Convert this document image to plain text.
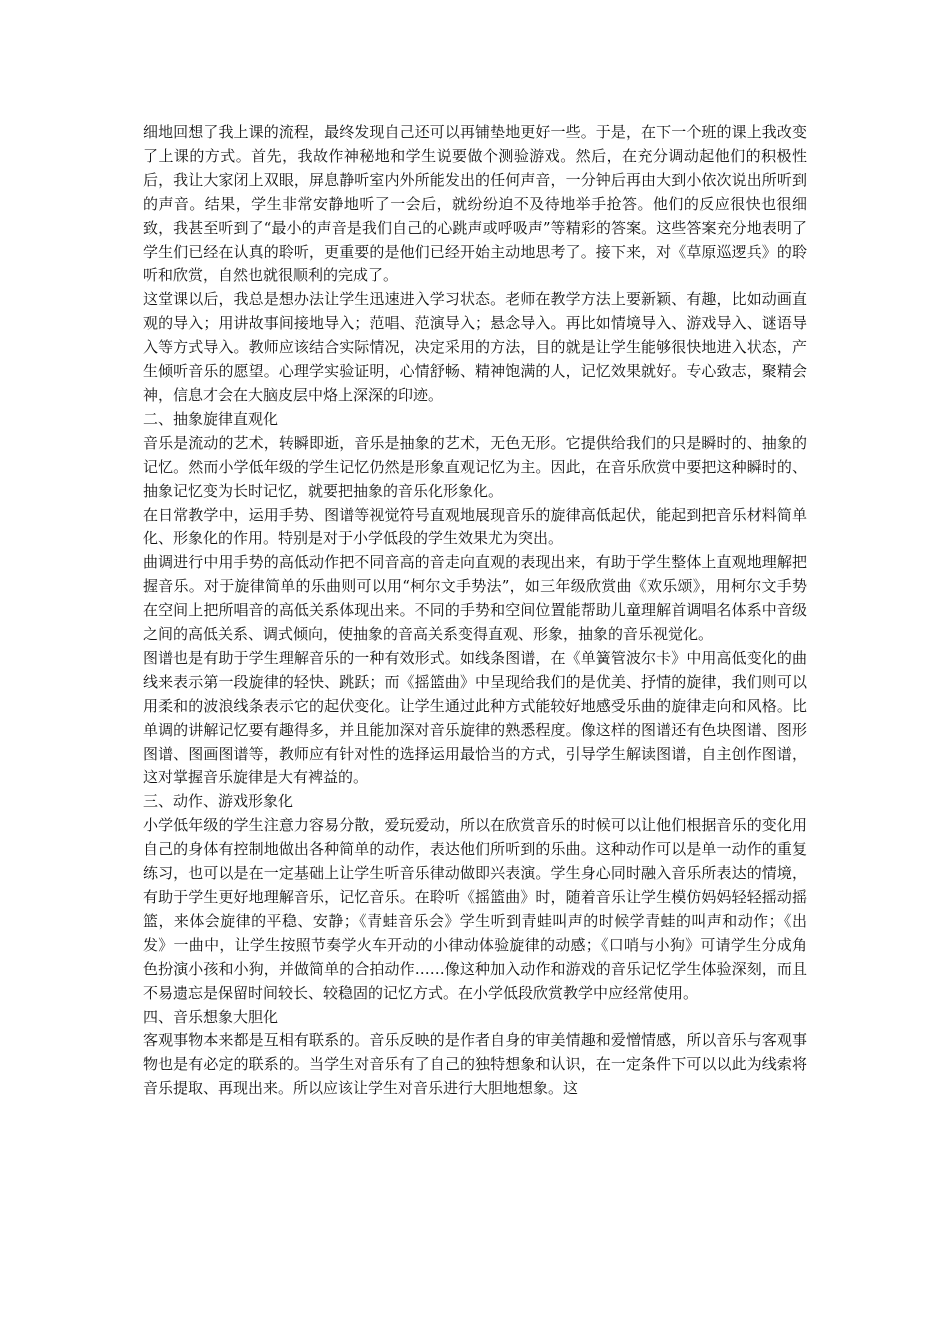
细地回想了我上课的流程，最终发现自己还可以再铺垫地更好一些。于是，在下一个班的课上我改变了上课的方式。首先，我故作神秘地和学生说要做个测验游戏。然后，在充分调动起他们的积极性后，我让大家闭上双眼，屏息静听室内外所能发出的任何声音，一分钟后再由大到小依次说出所听到的声音。结果，学生非常安静地听了一会后，就纷纷迫不及待地举手抢答。他们的反应很快也很细致，我甚至听到了“最小的声音是我们自己的心跳声或呼吸声”等精彩的答案。这些答案充分地表明了学生们已经在认真的聆听，更重要的是他们已经开始主动地思考了。接下来，对《草原巡逻兵》的聆听和欣赏，自然也就很顺利的完成了。

这堂课以后，我总是想办法让学生迅速进入学习状态。老师在教学方法上要新颖、有趣，比如动画直观的导入；用讲故事间接地导入；范唱、范演导入；悬念导入。再比如情境导入、游戏导入、谜语导入等方式导入。教师应该结合实际情况，决定采用的方法，目的就是让学生能够很快地进入状态，产生倾听音乐的愿望。心理学实验证明，心情舒畅、精神饱满的人，记忆效果就好。专心致志，聚精会神，信息才会在大脑皮层中烙上深深的印迹。

二、抽象旋律直观化

音乐是流动的艺术，转瞬即逝，音乐是抽象的艺术，无色无形。它提供给我们的只是瞬时的、抽象的记忆。然而小学低年级的学生记忆仍然是形象直观记忆为主。因此，在音乐欣赏中要把这种瞬时的、抽象记忆变为长时记忆，就要把抽象的音乐化形象化。

在日常教学中，运用手势、图谱等视觉符号直观地展现音乐的旋律高低起伏，能起到把音乐材料简单化、形象化的作用。特别是对于小学低段的学生效果尤为突出。

曲调进行中用手势的高低动作把不同音高的音走向直观的表现出来，有助于学生整体上直观地理解把握音乐。对于旋律简单的乐曲则可以用“柯尔文手势法”，如三年级欣赏曲《欢乐颂》，用柯尔文手势在空间上把所唱音的高低关系体现出来。不同的手势和空间位置能帮助儿童理解首调唱名体系中音级之间的高低关系、调式倾向，使抽象的音高关系变得直观、形象，抽象的音乐视觉化。

图谱也是有助于学生理解音乐的一种有效形式。如线条图谱，在《单簧管波尔卡》中用高低变化的曲线来表示第一段旋律的轻快、跳跃；而《摇篮曲》中呈现给我们的是优美、抒情的旋律，我们则可以用柔和的波浪线条表示它的起伏变化。让学生通过此种方式能较好地感受乐曲的旋律走向和风格。比单调的讲解记忆要有趣得多，并且能加深对音乐旋律的熟悉程度。像这样的图谱还有色块图谱、图形图谱、图画图谱等，教师应有针对性的选择运用最恰当的方式，引导学生解读图谱，自主创作图谱，这对掌握音乐旋律是大有裨益的。

三、动作、游戏形象化

小学低年级的学生注意力容易分散，爱玩爱动，所以在欣赏音乐的时候可以让他们根据音乐的变化用自己的身体有控制地做出各种简单的动作，表达他们所听到的乐曲。这种动作可以是单一动作的重复练习，也可以是在一定基础上让学生听音乐律动做即兴表演。学生身心同时融入音乐所表达的情境，有助于学生更好地理解音乐，记忆音乐。在聆听《摇篮曲》时，随着音乐让学生模仿妈妈轻轻摇动摇篮，来体会旋律的平稳、安静；《青蛙音乐会》学生听到青蛙叫声的时候学青蛙的叫声和动作；《出发》一曲中，让学生按照节奏学火车开动的小律动体验旋律的动感；《口哨与小狗》可请学生分成角色扮演小孩和小狗，并做简单的合拍动作……像这种加入动作和游戏的音乐记忆学生体验深刻，而且不易遗忘是保留时间较长、较稳固的记忆方式。在小学低段欣赏教学中应经常使用。

四、音乐想象大胆化

客观事物本来都是互相有联系的。音乐反映的是作者自身的审美情趣和爱憎情感，所以音乐与客观事物也是有必定的联系的。当学生对音乐有了自己的独特想象和认识，在一定条件下可以以此为线索将音乐提取、再现出来。所以应该让学生对音乐进行大胆地想象。这
